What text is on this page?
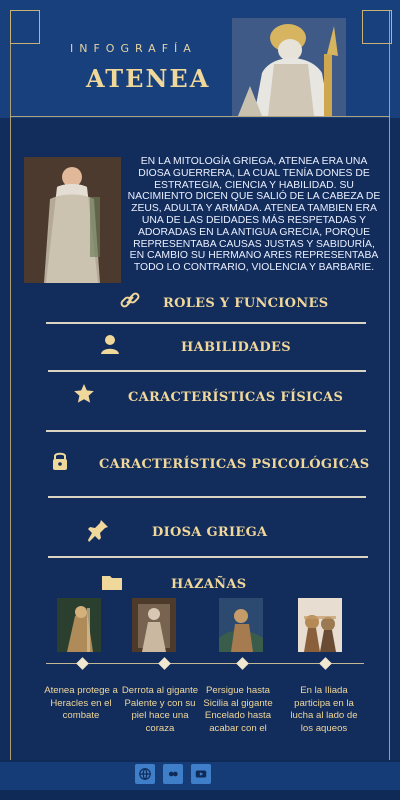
INFOGRAFÍA
ATENEA
EN LA MITOLOGÍA GRIEGA, ATENEA ERA UNA DIOSA GUERRERA, LA CUAL TENÍA DONES DE ESTRATEGIA, CIENCIA Y HABILIDAD. SU NACIMIENTO DICEN QUE SALIÓ DE LA CABEZA DE ZEUS, ADULTA Y ARMADA. ATENEA TAMBIEN ERA UNA DE LAS DEIDADES MÁS RESPETADAS Y ADORADAS EN LA ANTIGUA GRECIA, PORQUE REPRESENTABA CAUSAS JUSTAS Y SABIDURÍA, EN CAMBIO SU HERMANO ARES REPRESENTABA TODO LO CONTRARIO, VIOLENCIA Y BARBARIE.
ROLES Y FUNCIONES
HABILIDADES
CARACTERÍSTICAS FÍSICAS
CARACTERÍSTICAS PSICOLÓGICAS
DIOSA GRIEGA
HAZAÑAS
Atenea protege a Heracles en el combate
Derrota al gigante Palente y con su piel hace una coraza
Persigue hasta Sicilia al gigante Encelado hasta acabar con el
En la Iliada participa en la lucha al lado de los aqueos
